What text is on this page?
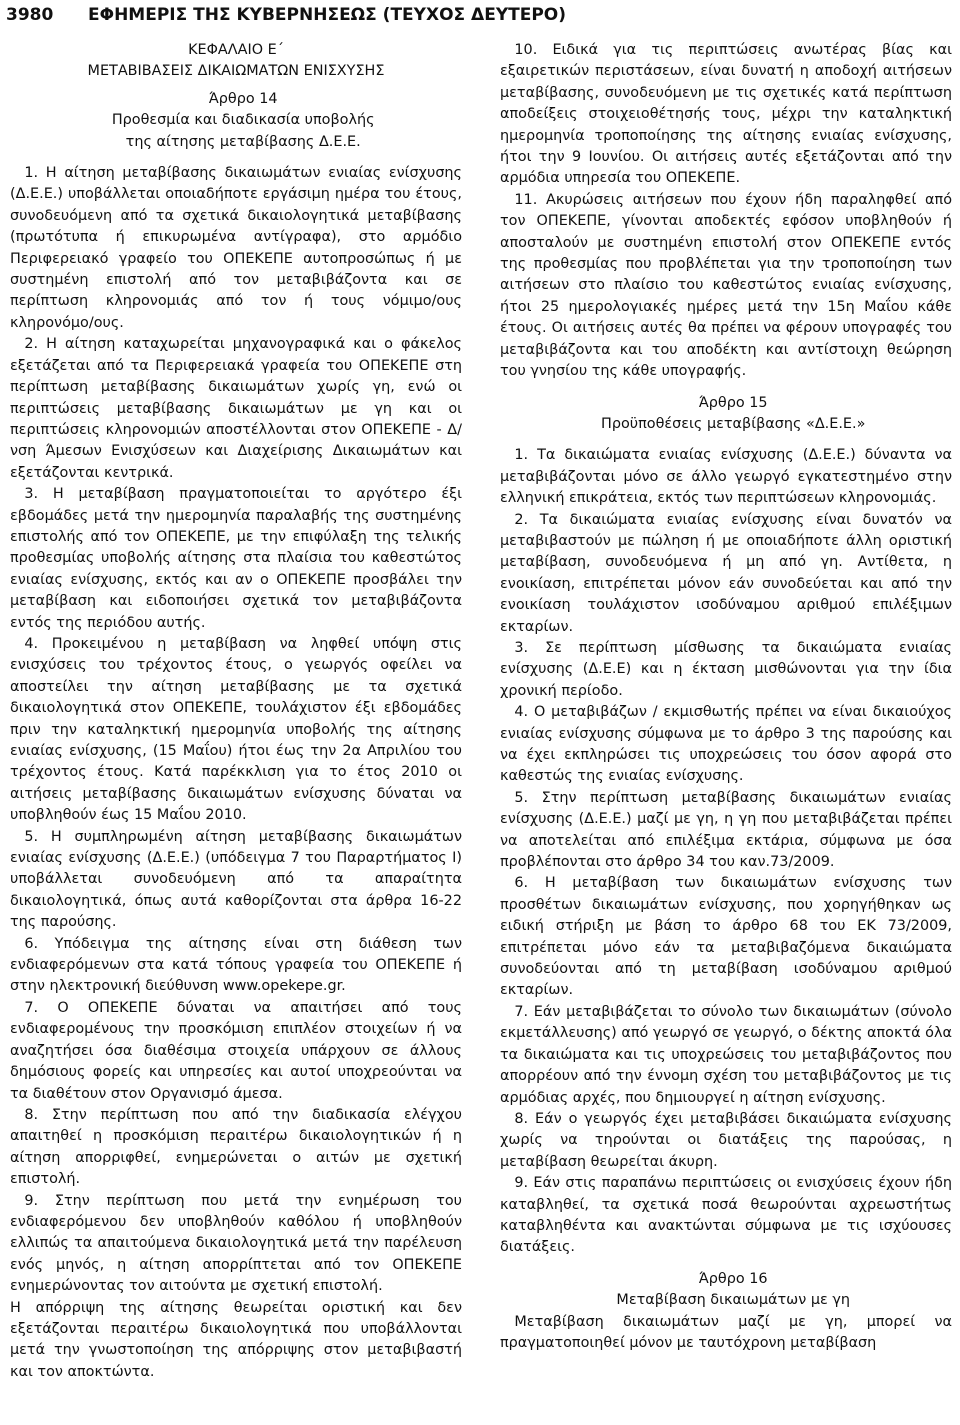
3980 ΕΦΗΜΕΡΙΣ ΤΗΣ ΚΥΒΕΡΝΗΣΕΩΣ (ΤΕΥΧΟΣ ΔΕΥΤΕΡΟ)

ΚΕΦΑΛΑΙΟ Ε΄

ΜΕΤΑΒΙΒΑΣΕΙΣ ΔΙΚΑΙΩΜΑΤΩΝ ΕΝΙΣΧΥΣΗΣ

Άρθρο 14

Προθεσμία και διαδικασία υποβολής

της αίτησης μεταβίβασης Δ.Ε.Ε.

1. Η αίτηση μεταβίβασης δικαιωμάτων ενιαίας ενίσχυσης (Δ.Ε.Ε.) υποβάλλεται οποιαδήποτε εργάσιμη ημέρα του έτους, συνοδευόμενη από τα σχετικά δικαιολογητικά μεταβίβασης (πρωτότυπα ή επικυρωμένα αντίγραφα), στο αρμόδιο Περιφερειακό γραφείο του ΟΠΕΚΕΠΕ αυτοπροσώπως ή με συστημένη επιστολή από τον μεταβιβάζοντα και σε περίπτωση κληρονομιάς από τον ή τους νόμιμο/ους κληρονόμο/ους.

2. Η αίτηση καταχωρείται μηχανογραφικά και ο φάκελος εξετάζεται από τα Περιφερειακά γραφεία του ΟΠΕΚΕΠΕ στη περίπτωση μεταβίβασης δικαιωμάτων χωρίς γη, ενώ οι περιπτώσεις μεταβίβασης δικαιωμάτων με γη και οι περιπτώσεις κληρονομιών αποστέλλονται στον ΟΠΕΚΕΠΕ - Δ/νση Άμεσων Ενισχύσεων και Διαχείρισης Δικαιωμάτων και εξετάζονται κεντρικά.

3. Η μεταβίβαση πραγματοποιείται το αργότερο έξι εβδομάδες μετά την ημερομηνία παραλαβής της συστημένης επιστολής από τον ΟΠΕΚΕΠΕ, με την επιφύλαξη της τελικής προθεσμίας υποβολής αίτησης στα πλαίσια του καθεστώτος ενιαίας ενίσχυσης, εκτός και αν ο ΟΠΕΚΕΠΕ προσβάλει την μεταβίβαση και ειδοποιήσει σχετικά τον μεταβιβάζοντα εντός της περιόδου αυτής.

4. Προκειμένου η μεταβίβαση να ληφθεί υπόψη στις ενισχύσεις του τρέχοντος έτους, ο γεωργός οφείλει να αποστείλει την αίτηση μεταβίβασης με τα σχετικά δικαιολογητικά στον ΟΠΕΚΕΠΕ, τουλάχιστον έξι εβδομάδες πριν την καταληκτική ημερομηνία υποβολής της αίτησης ενιαίας ενίσχυσης, (15 Μαΐου) ήτοι έως την 2α Απριλίου του τρέχοντος έτους. Κατά παρέκκλιση για το έτος 2010 οι αιτήσεις μεταβίβασης δικαιωμάτων ενίσχυσης δύναται να υποβληθούν έως 15 Μαΐου 2010.

5. Η συμπληρωμένη αίτηση μεταβίβασης δικαιωμάτων ενιαίας ενίσχυσης (Δ.Ε.Ε.) (υπόδειγμα 7 του Παραρτήματος Ι) υποβάλλεται συνοδευόμενη από τα απαραίτητα δικαιολογητικά, όπως αυτά καθορίζονται στα άρθρα 16-22 της παρούσης.

6. Υπόδειγμα της αίτησης είναι στη διάθεση των ενδιαφερόμενων στα κατά τόπους γραφεία του ΟΠΕΚΕΠΕ ή στην ηλεκτρονική διεύθυνση www.opekepe.gr.

7. Ο ΟΠΕΚΕΠΕ δύναται να απαιτήσει από τους ενδιαφερομένους την προσκόμιση επιπλέον στοιχείων ή να αναζητήσει όσα διαθέσιμα στοιχεία υπάρχουν σε άλλους δημόσιους φορείς και υπηρεσίες και αυτοί υποχρεούνται να τα διαθέτουν στον Οργανισμό άμεσα.

8. Στην περίπτωση που από την διαδικασία ελέγχου απαιτηθεί η προσκόμιση περαιτέρω δικαιολογητικών ή η αίτηση απορριφθεί, ενημερώνεται ο αιτών με σχετική επιστολή.

9. Στην περίπτωση που μετά την ενημέρωση του ενδιαφερόμενου δεν υποβληθούν καθόλου ή υποβληθούν ελλιπώς τα απαιτούμενα δικαιολογητικά μετά την παρέλευση ενός μηνός, η αίτηση απορρίπτεται από τον ΟΠΕΚΕΠΕ ενημερώνοντας τον αιτούντα με σχετική επιστολή.

Η απόρριψη της αίτησης θεωρείται οριστική και δεν εξετάζονται περαιτέρω δικαιολογητικά που υποβάλλονται μετά την γνωστοποίηση της απόρριψης στον μεταβιβαστή και τον αποκτώντα.

10. Ειδικά για τις περιπτώσεις ανωτέρας βίας και εξαιρετικών περιστάσεων, είναι δυνατή η αποδοχή αιτήσεων μεταβίβασης, συνοδευόμενη με τις σχετικές κατά περίπτωση αποδείξεις στοιχειοθέτησής τους, μέχρι την καταληκτική ημερομηνία τροποποίησης της αίτησης ενιαίας ενίσχυσης, ήτοι την 9 Ιουνίου. Οι αιτήσεις αυτές εξετάζονται από την αρμόδια υπηρεσία του ΟΠΕΚΕΠΕ.

11. Ακυρώσεις αιτήσεων που έχουν ήδη παραληφθεί από τον ΟΠΕΚΕΠΕ, γίνονται αποδεκτές εφόσον υποβληθούν ή αποσταλούν με συστημένη επιστολή στον ΟΠΕΚΕΠΕ εντός της προθεσμίας που προβλέπεται για την τροποποίηση των αιτήσεων στο πλαίσιο του καθεστώτος ενιαίας ενίσχυσης, ήτοι 25 ημερολογιακές ημέρες μετά την 15η Μαΐου κάθε έτους. Οι αιτήσεις αυτές θα πρέπει να φέρουν υπογραφές του μεταβιβάζοντα και του αποδέκτη και αντίστοιχη θεώρηση του γνησίου της κάθε υπογραφής.

Άρθρο 15

Προϋποθέσεις μεταβίβασης «Δ.Ε.Ε.»

1. Τα δικαιώματα ενιαίας ενίσχυσης (Δ.Ε.Ε.) δύναντα να μεταβιβάζονται μόνο σε άλλο γεωργό εγκατεστημένο στην ελληνική επικράτεια, εκτός των περιπτώσεων κληρονομιάς.

2. Τα δικαιώματα ενιαίας ενίσχυσης είναι δυνατόν να μεταβιβαστούν με πώληση ή με οποιαδήποτε άλλη οριστική μεταβίβαση, συνοδευόμενα ή μη από γη. Αντίθετα, η ενοικίαση, επιτρέπεται μόνον εάν συνοδεύεται και από την ενοικίαση τουλάχιστον ισοδύναμου αριθμού επιλέξιμων εκταρίων.

3. Σε περίπτωση μίσθωσης τα δικαιώματα ενιαίας ενίσχυσης (Δ.Ε.Ε) και η έκταση μισθώνονται για την ίδια χρονική περίοδο.

4. Ο μεταβιβάζων / εκμισθωτής πρέπει να είναι δικαιούχος ενιαίας ενίσχυσης σύμφωνα με το άρθρο 3 της παρούσης και να έχει εκπληρώσει τις υποχρεώσεις του όσον αφορά στο καθεστώς της ενιαίας ενίσχυσης.

5. Στην περίπτωση μεταβίβασης δικαιωμάτων ενιαίας ενίσχυσης (Δ.Ε.Ε.) μαζί με γη, η γη που μεταβιβάζεται πρέπει να αποτελείται από επιλέξιμα εκτάρια, σύμφωνα με όσα προβλέπονται στο άρθρο 34 του καν.73/2009.

6. Η μεταβίβαση των δικαιωμάτων ενίσχυσης των προσθέτων δικαιωμάτων ενίσχυσης, που χορηγήθηκαν ως ειδική στήριξη με βάση το άρθρο 68 του ΕΚ 73/2009, επιτρέπεται μόνο εάν τα μεταβιβαζόμενα δικαιώματα συνοδεύονται από τη μεταβίβαση ισοδύναμου αριθμού εκταρίων.

7. Εάν μεταβιβάζεται το σύνολο των δικαιωμάτων (σύνολο εκμετάλλευσης) από γεωργό σε γεωργό, ο δέκτης αποκτά όλα τα δικαιώματα και τις υποχρεώσεις του μεταβιβάζοντος που απορρέουν από την έννομη σχέση του μεταβιβάζοντος με τις αρμόδιας αρχές, που δημιουργεί η αίτηση ενίσχυσης.

8. Εάν ο γεωργός έχει μεταβιβάσει δικαιώματα ενίσχυσης χωρίς να τηρούνται οι διατάξεις της παρούσας, η μεταβίβαση θεωρείται άκυρη.

9. Εάν στις παραπάνω περιπτώσεις οι ενισχύσεις έχουν ήδη καταβληθεί, τα σχετικά ποσά θεωρούνται αχρεωστήτως καταβληθέντα και ανακτώνται σύμφωνα με τις ισχύουσες διατάξεις.

Άρθρο 16

Μεταβίβαση δικαιωμάτων με γη

Μεταβίβαση δικαιωμάτων μαζί με γη, μπορεί να πραγματοποιηθεί μόνον με ταυτόχρονη μεταβίβαση
